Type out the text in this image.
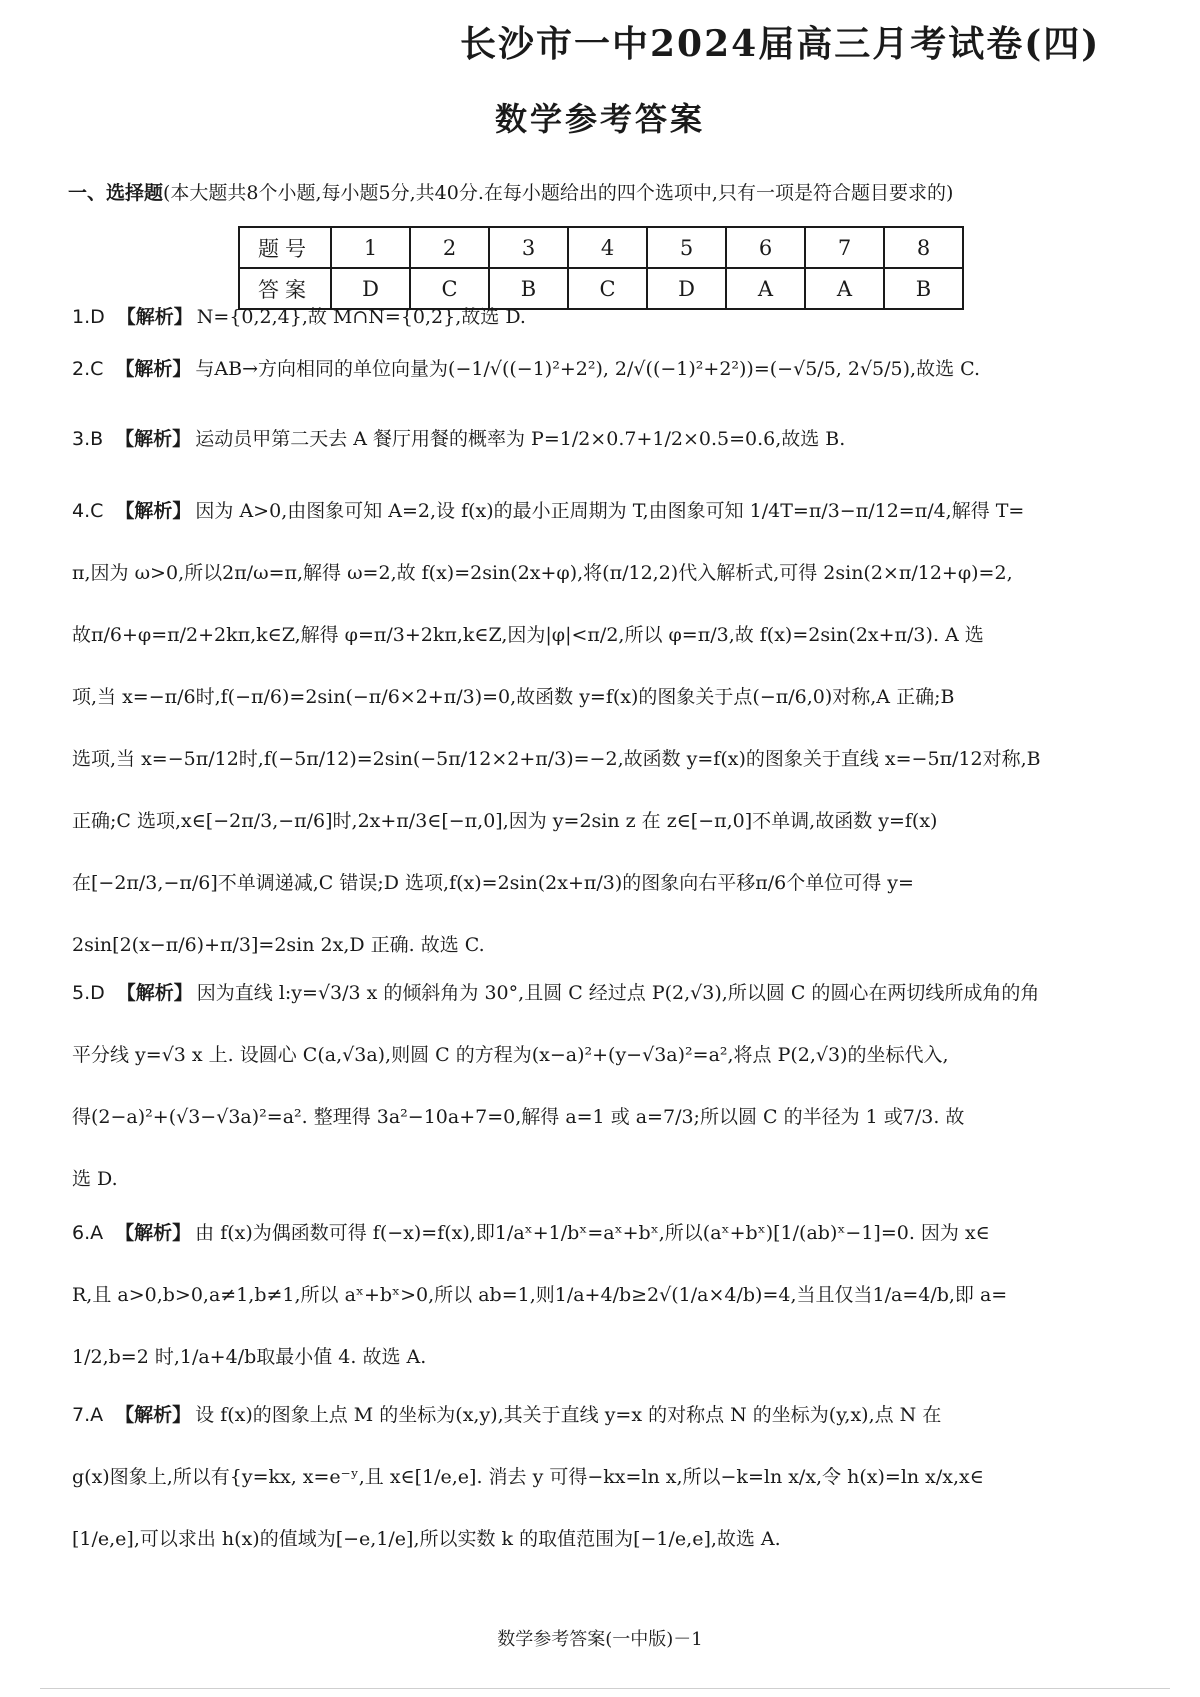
长沙市一中2024届高三月考试卷(四)
数学参考答案
一、选择题(本大题共8个小题,每小题5分,共40分.在每小题给出的四个选项中,只有一项是符合题目要求的)
题号	1	2	3	4	5	6	7	8
答案	D	C	B	C	D	A	A	B

1.D 【解析】 N={0,2,4},故 M∩N={0,2},故选 D.

2.C 【解析】 与AB→方向相同的单位向量为(−1/√((−1)²+2²), 2/√((−1)²+2²))=(−√5/5, 2√5/5),故选 C.

3.B 【解析】 运动员甲第二天去 A 餐厅用餐的概率为 P=1/2×0.7+1/2×0.5=0.6,故选 B.

4.C 【解析】 因为 A>0,由图象可知 A=2,设 f(x)的最小正周期为 T,由图象可知 1/4T=π/3−π/12=π/4,解得 T=

π,因为 ω>0,所以2π/ω=π,解得 ω=2,故 f(x)=2sin(2x+φ),将(π/12,2)代入解析式,可得 2sin(2×π/12+φ)=2,

故π/6+φ=π/2+2kπ,k∈Z,解得 φ=π/3+2kπ,k∈Z,因为|φ|<π/2,所以 φ=π/3,故 f(x)=2sin(2x+π/3). A 选

项,当 x=−π/6时,f(−π/6)=2sin(−π/6×2+π/3)=0,故函数 y=f(x)的图象关于点(−π/6,0)对称,A 正确;B

选项,当 x=−5π/12时,f(−5π/12)=2sin(−5π/12×2+π/3)=−2,故函数 y=f(x)的图象关于直线 x=−5π/12对称,B

正确;C 选项,x∈[−2π/3,−π/6]时,2x+π/3∈[−π,0],因为 y=2sin z 在 z∈[−π,0]不单调,故函数 y=f(x)

在[−2π/3,−π/6]不单调递减,C 错误;D 选项,f(x)=2sin(2x+π/3)的图象向右平移π/6个单位可得 y=

2sin[2(x−π/6)+π/3]=2sin 2x,D 正确. 故选 C.

5.D 【解析】 因为直线 l:y=√3/3 x 的倾斜角为 30°,且圆 C 经过点 P(2,√3),所以圆 C 的圆心在两切线所成角的角

平分线 y=√3 x 上. 设圆心 C(a,√3a),则圆 C 的方程为(x−a)²+(y−√3a)²=a²,将点 P(2,√3)的坐标代入,

得(2−a)²+(√3−√3a)²=a². 整理得 3a²−10a+7=0,解得 a=1 或 a=7/3;所以圆 C 的半径为 1 或7/3. 故

选 D.

6.A 【解析】 由 f(x)为偶函数可得 f(−x)=f(x),即1/aˣ+1/bˣ=aˣ+bˣ,所以(aˣ+bˣ)[1/(ab)ˣ−1]=0. 因为 x∈

R,且 a>0,b>0,a≠1,b≠1,所以 aˣ+bˣ>0,所以 ab=1,则1/a+4/b≥2√(1/a×4/b)=4,当且仅当1/a=4/b,即 a=

1/2,b=2 时,1/a+4/b取最小值 4. 故选 A.

7.A 【解析】 设 f(x)的图象上点 M 的坐标为(x,y),其关于直线 y=x 的对称点 N 的坐标为(y,x),点 N 在

g(x)图象上,所以有{y=kx, x=e⁻ʸ,且 x∈[1/e,e]. 消去 y 可得−kx=ln x,所以−k=ln x/x,令 h(x)=ln x/x,x∈

[1/e,e],可以求出 h(x)的值域为[−e,1/e],所以实数 k 的取值范围为[−1/e,e],故选 A.

数学参考答案(一中版)－1
